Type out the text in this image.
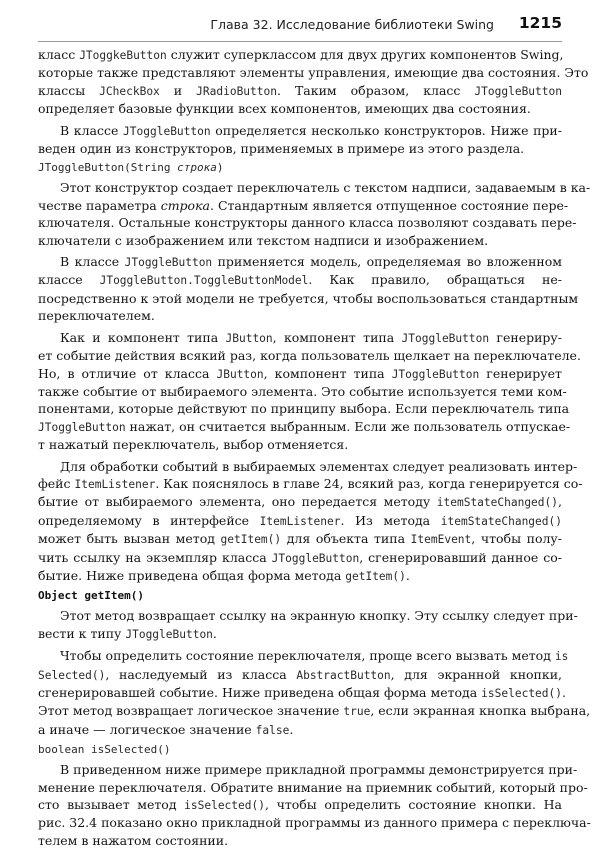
Глава 32. Исследование библиотеки Swing 1215
класс JToggkeButton служит суперклассом для двух других компонентов Swing,
которые также представляют элементы управления, имеющие два состояния. Это
классы JCheckBox и JRadioButton. Таким образом, класс JToggleButton
определяет базовые функции всех компонентов, имеющих два состояния.
В классе JToggleButton определяется несколько конструкторов. Ниже при-
веден один из конструкторов, применяемых в примере из этого раздела.
JToggleButton(String строка)
Этот конструктор создает переключатель с текстом надписи, задаваемым в ка-
честве параметра строка. Стандартным является отпущенное состояние пере-
ключателя. Остальные конструкторы данного класса позволяют создавать пере-
ключатели с изображением или текстом надписи и изображением.
В классе JToggleButton применяется модель, определяемая во вложенном
классе JToggleButton.ToggleButtonModel. Как правило, обращаться не-
посредственно к этой модели не требуется, чтобы воспользоваться стандартным
переключателем.
Как и компонент типа JButton, компонент типа JToggleButton генериру-
ет событие действия всякий раз, когда пользователь щелкает на переключателе.
Но, в отличие от класса JButton, компонент типа JToggleButton генерирует
также событие от выбираемого элемента. Это событие используется теми ком-
понентами, которые действуют по принципу выбора. Если переключатель типа
JToggleButton нажат, он считается выбранным. Если же пользователь отпускае-
т нажатый переключатель, выбор отменяется.
Для обработки событий в выбираемых элементах следует реализовать интер-
фейс ItemListener. Как пояснялось в главе 24, всякий раз, когда генерируется со-
бытие от выбираемого элемента, оно передается методу itemStateChanged(),
определяемому в интерфейсе ItemListener. Из метода itemStateChanged()
может быть вызван метод getItem() для объекта типа ItemEvent, чтобы полу-
чить ссылку на экземпляр класса JToggleButton, сгенерировавший данное со-
бытие. Ниже приведена общая форма метода getItem().
Object getItem()
Этот метод возвращает ссылку на экранную кнопку. Эту ссылку следует при-
вести к типу JToggleButton.
Чтобы определить состояние переключателя, проще всего вызвать метод is
Selected(), наследуемый из класса AbstractButton, для экранной кнопки,
сгенерировавшей событие. Ниже приведена общая форма метода isSelected().
Этот метод возвращает логическое значение true, если экранная кнопка выбрана,
а иначе — логическое значение false.
boolean isSelected()
В приведенном ниже примере прикладной программы демонстрируется при-
менение переключателя. Обратите внимание на приемник событий, который про-
сто вызывает метод isSelected(), чтобы определить состояние кнопки. На
рис. 32.4 показано окно прикладной программы из данного примера с переключа-
телем в нажатом состоянии.
